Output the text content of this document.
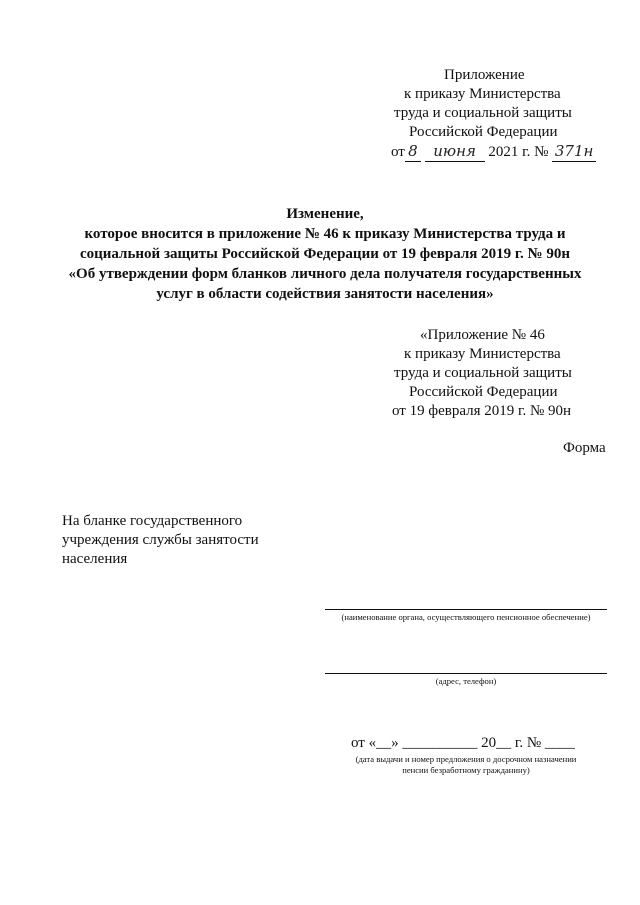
Приложение
к приказу Министерства
труда и социальной защиты
Российской Федерации
от 8 июня 2021 г. № 371н
Изменение,
которое вносится в приложение № 46 к приказу Министерства труда и
социальной защиты Российской Федерации от 19 февраля 2019 г. № 90н
«Об утверждении форм бланков личного дела получателя государственных
услуг в области содействия занятости населения»
«Приложение № 46
к приказу Министерства
труда и социальной защиты
Российской Федерации
от 19 февраля 2019 г. № 90н
Форма
На бланке государственного
учреждения службы занятости
населения
(наименование органа, осуществляющего пенсионное обеспечение)
(адрес, телефон)
от «__» __________ 20__ г. № ____
(дата выдачи и номер предложения о досрочном назначении
пенсии безработному гражданину)
